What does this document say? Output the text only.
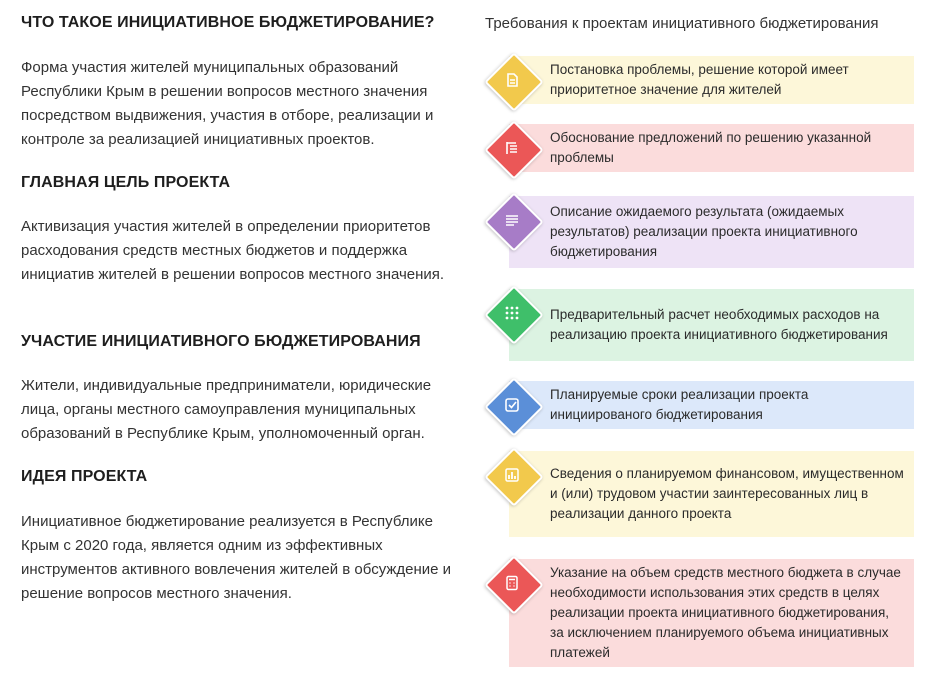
ЧТО ТАКОЕ ИНИЦИАТИВНОЕ БЮДЖЕТИРОВАНИЕ?

Форма участия жителей муниципальных образований Республики Крым в решении вопросов местного значения посредством выдвижения, участия в отборе, реализации и контроле за реализацией инициативных проектов.

ГЛАВНАЯ ЦЕЛЬ ПРОЕКТА

Активизация участия жителей в определении приоритетов расходования средств местных бюджетов и поддержка инициатив жителей в решении вопросов местного значения.

УЧАСТИЕ ИНИЦИАТИВНОГО БЮДЖЕТИРОВАНИЯ

Жители, индивидуальные предприниматели, юридические лица, органы местного самоуправления муниципальных образований в Республике Крым, уполномоченный орган.

ИДЕЯ ПРОЕКТА

Инициативное бюджетирование реализуется в Республике Крым с 2020 года, является одним из эффективных инструментов активного вовлечения жителей в обсуждение и решение вопросов местного значения.

Требования к проектам инициативного бюджетирования
Постановка проблемы, решение которой имеет приоритетное значение для жителей
Обоснование предложений по решению указанной проблемы
Описание ожидаемого результата (ожидаемых результатов) реализации проекта инициативного бюджетирования
Предварительный расчет необходимых расходов на реализацию проекта инициативного бюджетирования
Планируемые сроки реализации проекта инициированого бюджетирования
Сведения о планируемом финансовом, имущественном и (или) трудовом участии заинтересованных лиц в реализации данного проекта
Указание на объем средств местного бюджета в случае необходимости использования этих средств в целях реализации проекта инициативного бюджетирования, за исключением планируемого объема инициативных платежей
